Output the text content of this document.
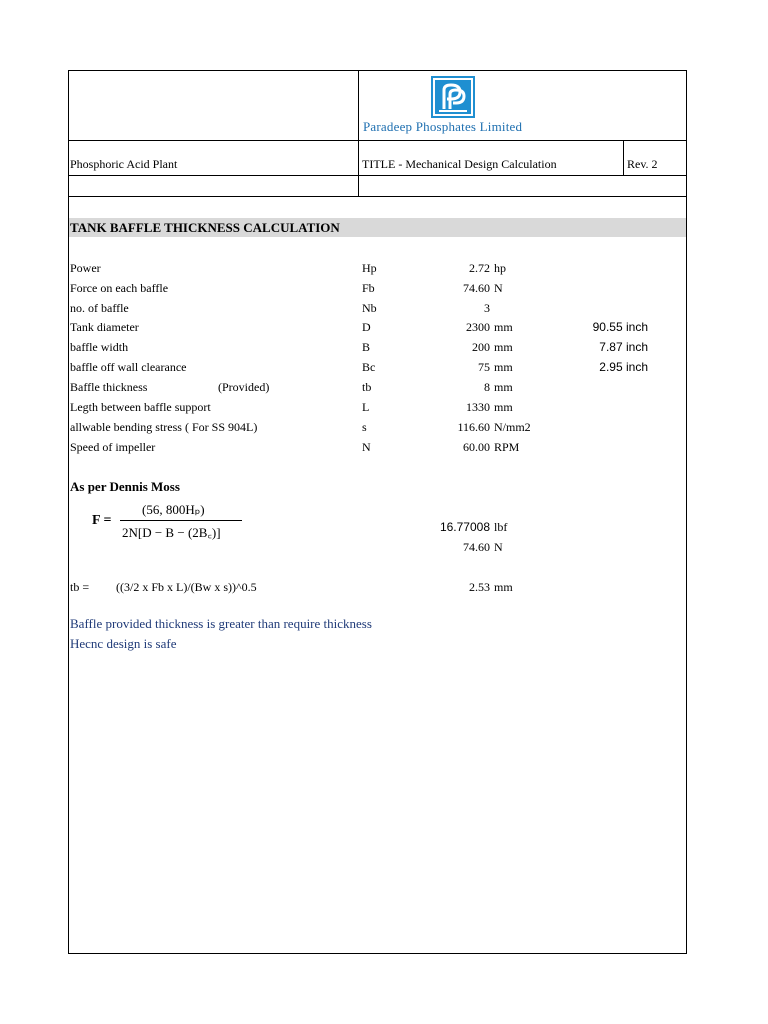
Paradeep Phosphates Limited
Phosphoric Acid Plant	TITLE - Mechanical Design Calculation	Rev. 2
TANK BAFFLE THICKNESS CALCULATION
Power	Hp	2.72 hp
Force on each baffle	Fb	74.60 N
no. of baffle	Nb	3
Tank diameter	D	2300 mm	90.55 inch
baffle width	B	200 mm	7.87 inch
baffle off wall clearance	Bc	75 mm	2.95 inch
Baffle thickness	(Provided)	tb	8 mm
Legth between baffle support	L	1330 mm
allwable bending stress ( For SS 904L)	s	116.60 N/mm2
Speed of impeller	N	60.00 RPM
As per Dennis Moss
F =
(56, 800Hₚ)
2N[D − B − (2B꜀)]	16.77008 lbf
74.60 N
tb = ((3/2 x Fb x L)/(Bw x s))^0.5	2.53 mm
Baffle provided thickness is greater than require thickness
Hecnc design is safe
